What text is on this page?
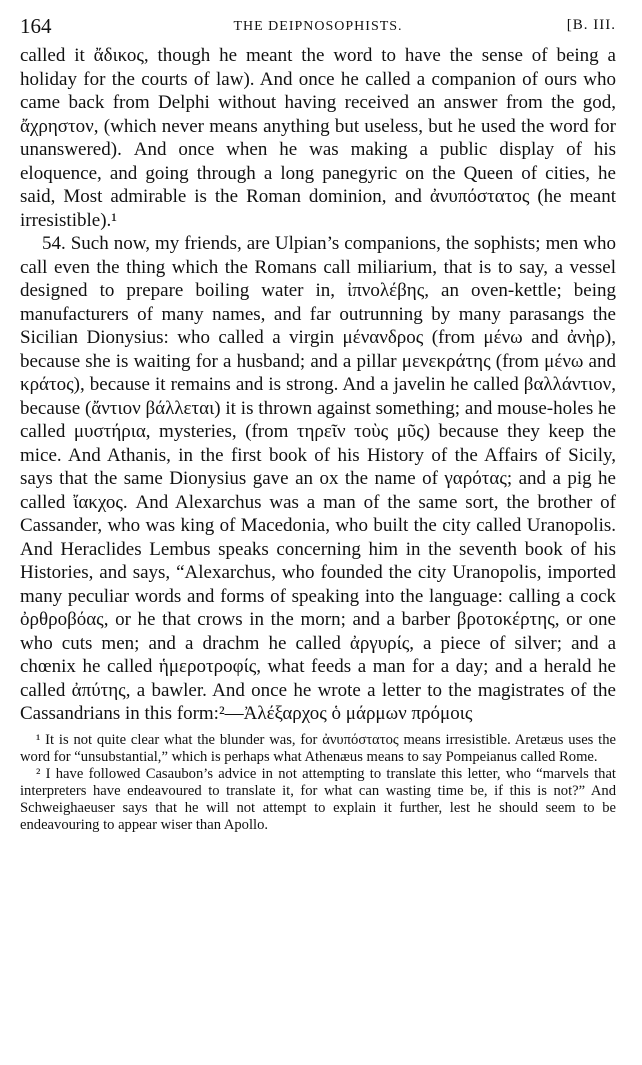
164	THE DEIPNOSOPHISTS.	[B. III.

called it ἄδικος, though he meant the word to have the sense of being a holiday for the courts of law). And once he called a companion of ours who came back from Delphi without having received an answer from the god, ἄχρηστον, (which never means anything but useless, but he used the word for unanswered). And once when he was making a public display of his eloquence, and going through a long panegyric on the Queen of cities, he said, Most admirable is the Roman dominion, and ἀνυπόστατος (he meant irresistible).¹

54. Such now, my friends, are Ulpian’s companions, the sophists; men who call even the thing which the Romans call miliarium, that is to say, a vessel designed to prepare boiling water in, ἰπνολέβης, an oven-kettle; being manufacturers of many names, and far outrunning by many parasangs the Sicilian Dionysius: who called a virgin μένανδρος (from μένω and ἀνὴρ), because she is waiting for a husband; and a pillar μενεκράτης (from μένω and κράτος), because it remains and is strong. And a javelin he called βαλλάντιον, because (ἄντιον βάλλεται) it is thrown against something; and mouse-holes he called μυστήρια, mysteries, (from τηρεῖν τοὺς μῦς) because they keep the mice. And Athanis, in the first book of his History of the Affairs of Sicily, says that the same Dionysius gave an ox the name of γαρότας; and a pig he called ἴακχος. And Alexarchus was a man of the same sort, the brother of Cassander, who was king of Macedonia, who built the city called Uranopolis. And Heraclides Lembus speaks concerning him in the seventh book of his Histories, and says, “Alexarchus, who founded the city Uranopolis, imported many peculiar words and forms of speaking into the language: calling a cock ὀρθροβόας, or he that crows in the morn; and a barber βροτοκέρτης, or one who cuts men; and a drachm he called ἀργυρίς, a piece of silver; and a chœnix he called ἡμεροτροφίς, what feeds a man for a day; and a herald he called ἀπύτης, a bawler. And once he wrote a letter to the magistrates of the Cassandrians in this form:²—Ἀλέξαρχος ὁ μάρμων πρόμοις

¹ It is not quite clear what the blunder was, for ἀνυπόστατος means irresistible. Aretæus uses the word for “unsubstantial,” which is perhaps what Athenæus means to say Pompeianus called Rome.

² I have followed Casaubon’s advice in not attempting to translate this letter, who “marvels that interpreters have endeavoured to translate it, for what can wasting time be, if this is not?” And Schweighaeuser says that he will not attempt to explain it further, lest he should seem to be endeavouring to appear wiser than Apollo.
